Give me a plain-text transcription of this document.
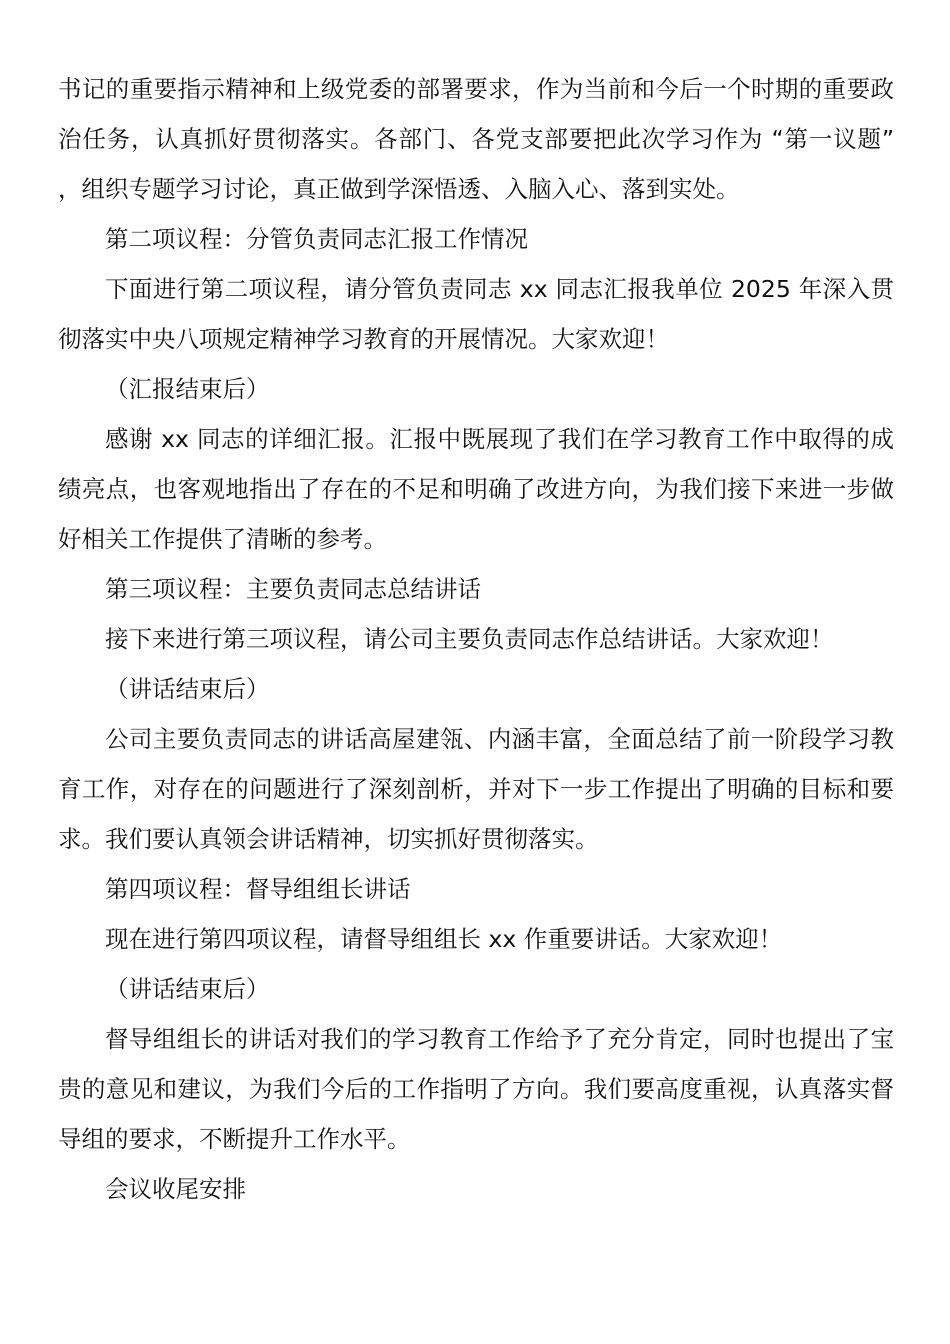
书记的重要指示精神和上级党委的部署要求，作为当前和今后一个时期的重要政治任务，认真抓好贯彻落实。各部门、各党支部要把此次学习作为 “第一议题” ，组织专题学习讨论，真正做到学深悟透、入脑入心、落到实处。

第二项议程：分管负责同志汇报工作情况

下面进行第二项议程，请分管负责同志 xx 同志汇报我单位 2025 年深入贯彻落实中央八项规定精神学习教育的开展情况。大家欢迎！

（汇报结束后）

感谢 xx 同志的详细汇报。汇报中既展现了我们在学习教育工作中取得的成绩亮点，也客观地指出了存在的不足和明确了改进方向，为我们接下来进一步做好相关工作提供了清晰的参考。

第三项议程：主要负责同志总结讲话

接下来进行第三项议程，请公司主要负责同志作总结讲话。大家欢迎！

（讲话结束后）

公司主要负责同志的讲话高屋建瓴、内涵丰富，全面总结了前一阶段学习教育工作，对存在的问题进行了深刻剖析，并对下一步工作提出了明确的目标和要求。我们要认真领会讲话精神，切实抓好贯彻落实。

第四项议程：督导组组长讲话

现在进行第四项议程，请督导组组长 xx 作重要讲话。大家欢迎！

（讲话结束后）

督导组组长的讲话对我们的学习教育工作给予了充分肯定，同时也提出了宝贵的意见和建议，为我们今后的工作指明了方向。我们要高度重视，认真落实督导组的要求，不断提升工作水平。

会议收尾安排
